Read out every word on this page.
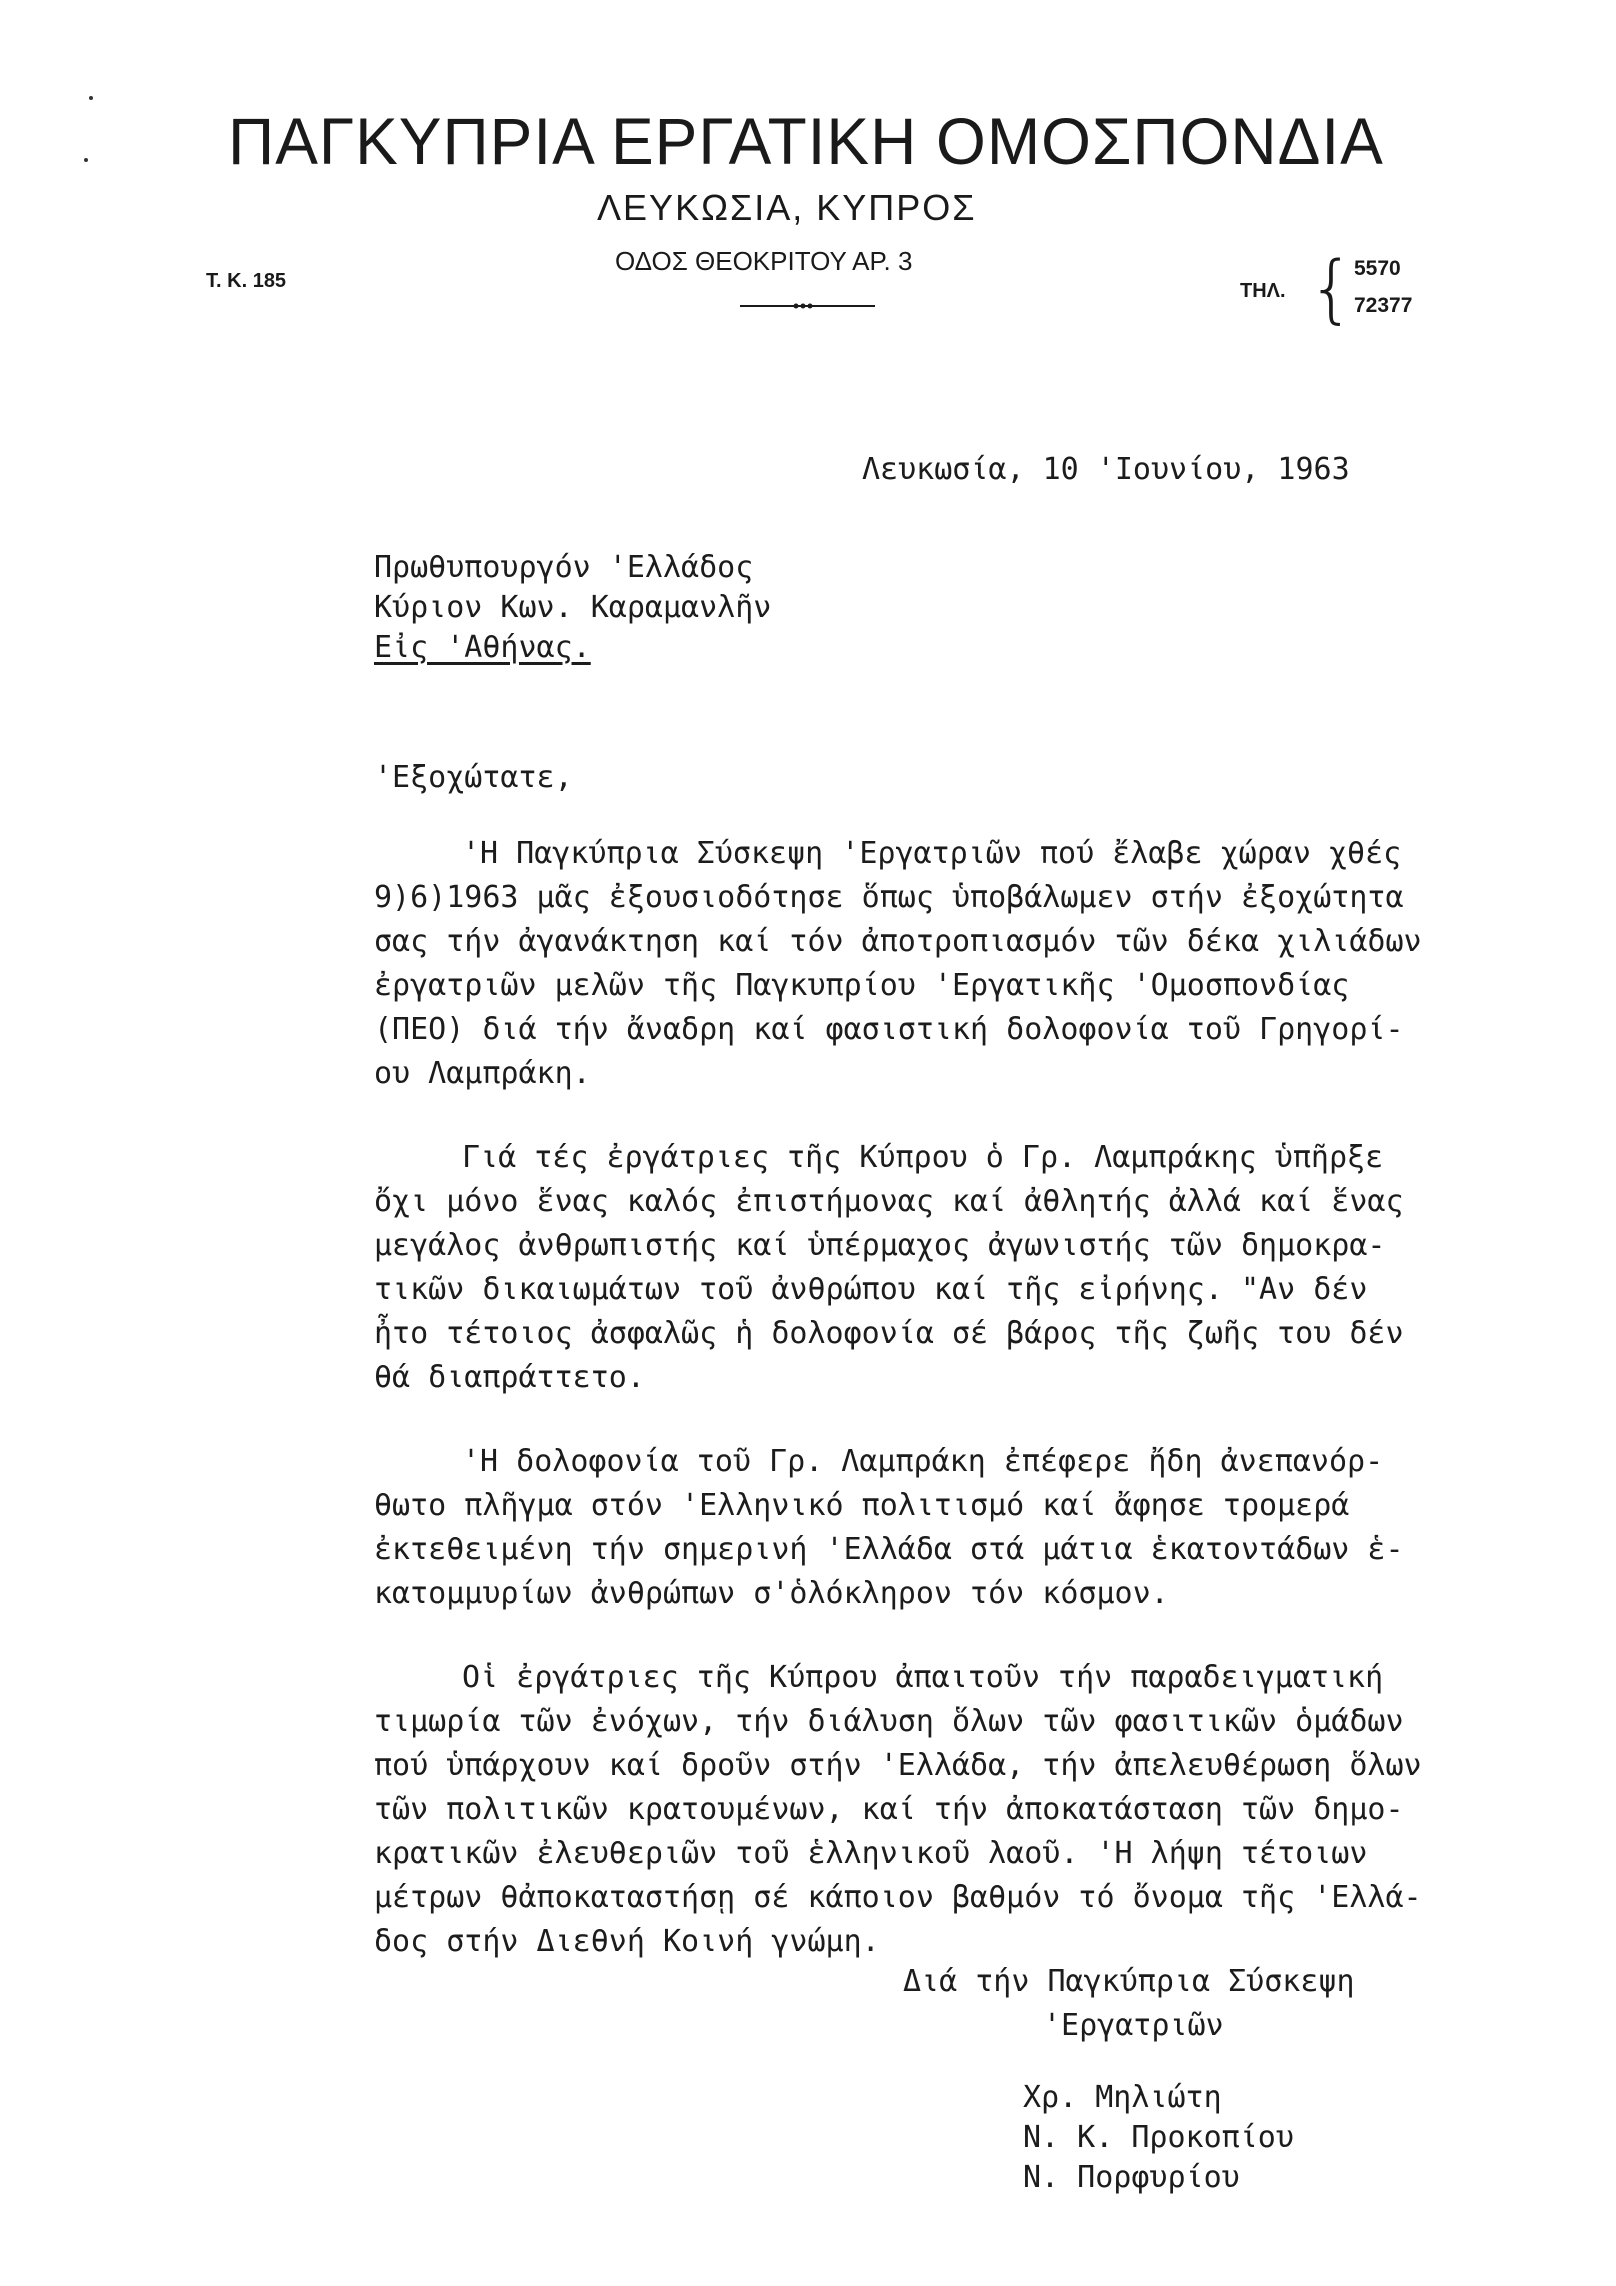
ΠΑΓΚΥΠΡΙΑ ΕΡΓΑΤΙΚΗ ΟΜΟΣΠΟΝΔΙΑ
ΛΕΥΚΩΣΙΑ, ΚΥΠΡΟΣ
ΟΔΟΣ ΘΕΟΚΡΙΤΟΥ ΑΡ. 3
Τ. Κ. 185	ΤΗΛ. {
5570
72377
Λευκωσία, 10 'Ιουνίου, 1963
Πρωθυπουργόν 'Ελλάδος
Κύριον Κων. Καραμανλῆν
Εἰς 'Αθήνας.
'Εξοχώτατε,
'Η Παγκύπρια Σύσκεψη 'Εργατριῶν πού ἔλαβε χώραν χθές
9)6)1963 μᾶς ἐξουσιοδότησε ὅπως ὑποβάλωμεν στήν ἐξοχώτητα
σας τήν ἀγανάκτηση καί τόν ἀποτροπιασμόν τῶν δέκα χιλιάδων
ἐργατριῶν μελῶν τῆς Παγκυπρίου 'Εργατικῆς 'Ομοσπονδίας
(ΠΕΟ) διά τήν ἄναδρη καί φασιστική δολοφονία τοῦ Γρηγορί-
ου Λαμπράκη.
Γιά τές ἐργάτριες τῆς Κύπρου ὁ Γρ. Λαμπράκης ὑπῆρξε
ὄχι μόνο ἕνας καλός ἐπιστήμονας καί ἀθλητής ἀλλά καί ἕνας
μεγάλος ἀνθρωπιστής καί ὑπέρμαχος ἀγωνιστής τῶν δημοκρα-
τικῶν δικαιωμάτων τοῦ ἀνθρώπου καί τῆς εἰρήνης. "Αν δέν
ἦτο τέτοιος ἀσφαλῶς ἡ δολοφονία σέ βάρος τῆς ζωῆς του δέν
θά διαπράττετο.
'Η δολοφονία τοῦ Γρ. Λαμπράκη ἐπέφερε ἤδη ἀνεπανόρ-
θωτο πλῆγμα στόν 'Ελληνικό πολιτισμό καί ἄφησε τρομερά
ἐκτεθειμένη τήν σημερινή 'Ελλάδα στά μάτια ἑκατοντάδων ἑ-
κατομμυρίων ἀνθρώπων σ'ὁλόκληρον τόν κόσμον.
Οἱ ἐργάτριες τῆς Κύπρου ἀπαιτοῦν τήν παραδειγματική
τιμωρία τῶν ἐνόχων, τήν διάλυση ὅλων τῶν φασιτικῶν ὁμάδων
πού ὑπάρχουν καί δροῦν στήν 'Ελλάδα, τήν ἀπελευθέρωση ὅλων
τῶν πολιτικῶν κρατουμένων, καί τήν ἀποκατάσταση τῶν δημο-
κρατικῶν ἐλευθεριῶν τοῦ ἑλληνικοῦ λαοῦ. 'Η λήψη τέτοιων
μέτρων θἀποκαταστήσῃ σέ κάποιον βαθμόν τό ὄνομα τῆς 'Ελλά-
δος στήν Διεθνή Κοινή γνώμη.
Διά τήν Παγκύπρια Σύσκεψη
'Εργατριῶν
Χρ. Μηλιώτη
Ν. Κ. Προκοπίου
Ν. Πορφυρίου
